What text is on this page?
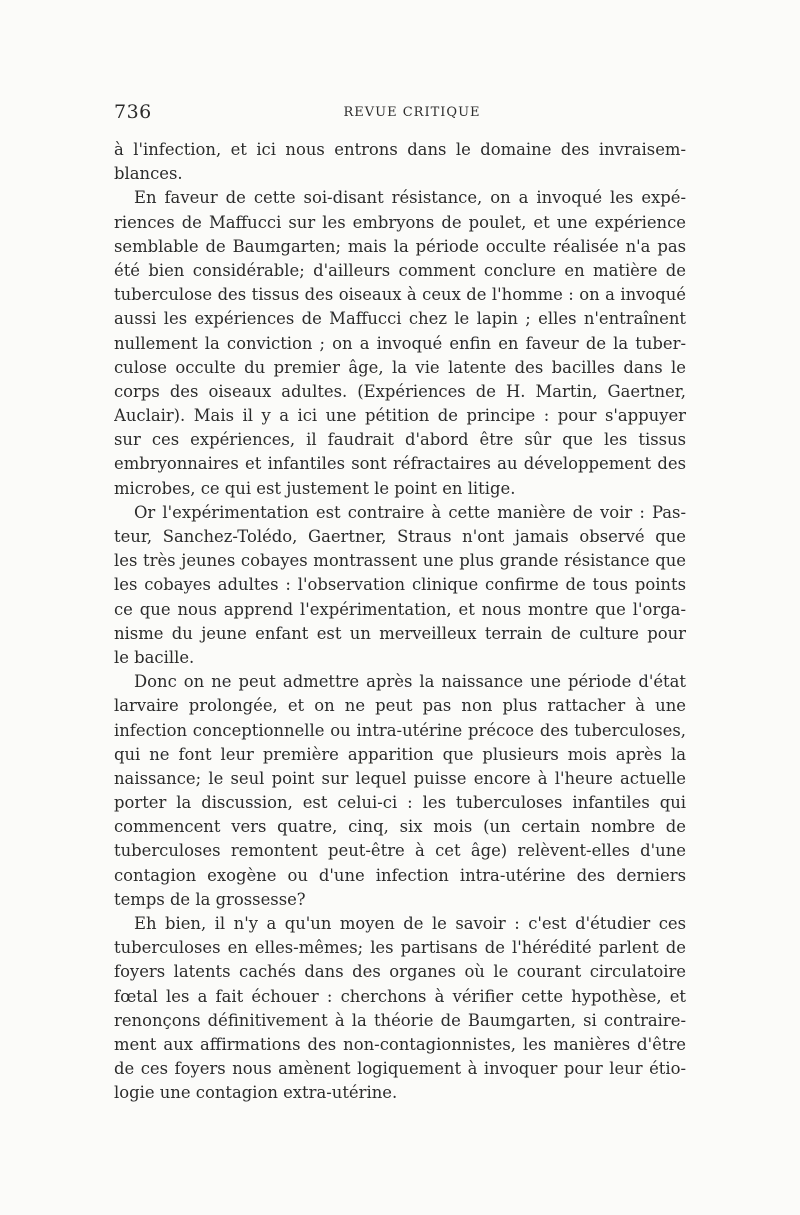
736	REVUE CRITIQUE
à l'infection, et ici nous entrons dans le domaine des invraisem-
blances.
En faveur de cette soi-disant résistance, on a invoqué les expé-
riences de Maffucci sur les embryons de poulet, et une expérience
semblable de Baumgarten; mais la période occulte réalisée n'a pas
été bien considérable; d'ailleurs comment conclure en matière de
tuberculose des tissus des oiseaux à ceux de l'homme : on a invoqué
aussi les expériences de Maffucci chez le lapin ; elles n'entraînent
nullement la conviction ; on a invoqué enfin en faveur de la tuber-
culose occulte du premier âge, la vie latente des bacilles dans le
corps des oiseaux adultes. (Expériences de H. Martin, Gaertner,
Auclair). Mais il y a ici une pétition de principe : pour s'appuyer
sur ces expériences, il faudrait d'abord être sûr que les tissus
embryonnaires et infantiles sont réfractaires au développement des
microbes, ce qui est justement le point en litige.
Or l'expérimentation est contraire à cette manière de voir : Pas-
teur, Sanchez-Tolédo, Gaertner, Straus n'ont jamais observé que
les très jeunes cobayes montrassent une plus grande résistance que
les cobayes adultes : l'observation clinique confirme de tous points
ce que nous apprend l'expérimentation, et nous montre que l'orga-
nisme du jeune enfant est un merveilleux terrain de culture pour
le bacille.
Donc on ne peut admettre après la naissance une période d'état
larvaire prolongée, et on ne peut pas non plus rattacher à une
infection conceptionnelle ou intra-utérine précoce des tuberculoses,
qui ne font leur première apparition que plusieurs mois après la
naissance; le seul point sur lequel puisse encore à l'heure actuelle
porter la discussion, est celui-ci : les tuberculoses infantiles qui
commencent vers quatre, cinq, six mois (un certain nombre de
tuberculoses remontent peut-être à cet âge) relèvent-elles d'une
contagion exogène ou d'une infection intra-utérine des derniers
temps de la grossesse?
Eh bien, il n'y a qu'un moyen de le savoir : c'est d'étudier ces
tuberculoses en elles-mêmes; les partisans de l'hérédité parlent de
foyers latents cachés dans des organes où le courant circulatoire
fœtal les a fait échouer : cherchons à vérifier cette hypothèse, et
renonçons définitivement à la théorie de Baumgarten, si contraire-
ment aux affirmations des non-contagionnistes, les manières d'être
de ces foyers nous amènent logiquement à invoquer pour leur étio-
logie une contagion extra-utérine.
